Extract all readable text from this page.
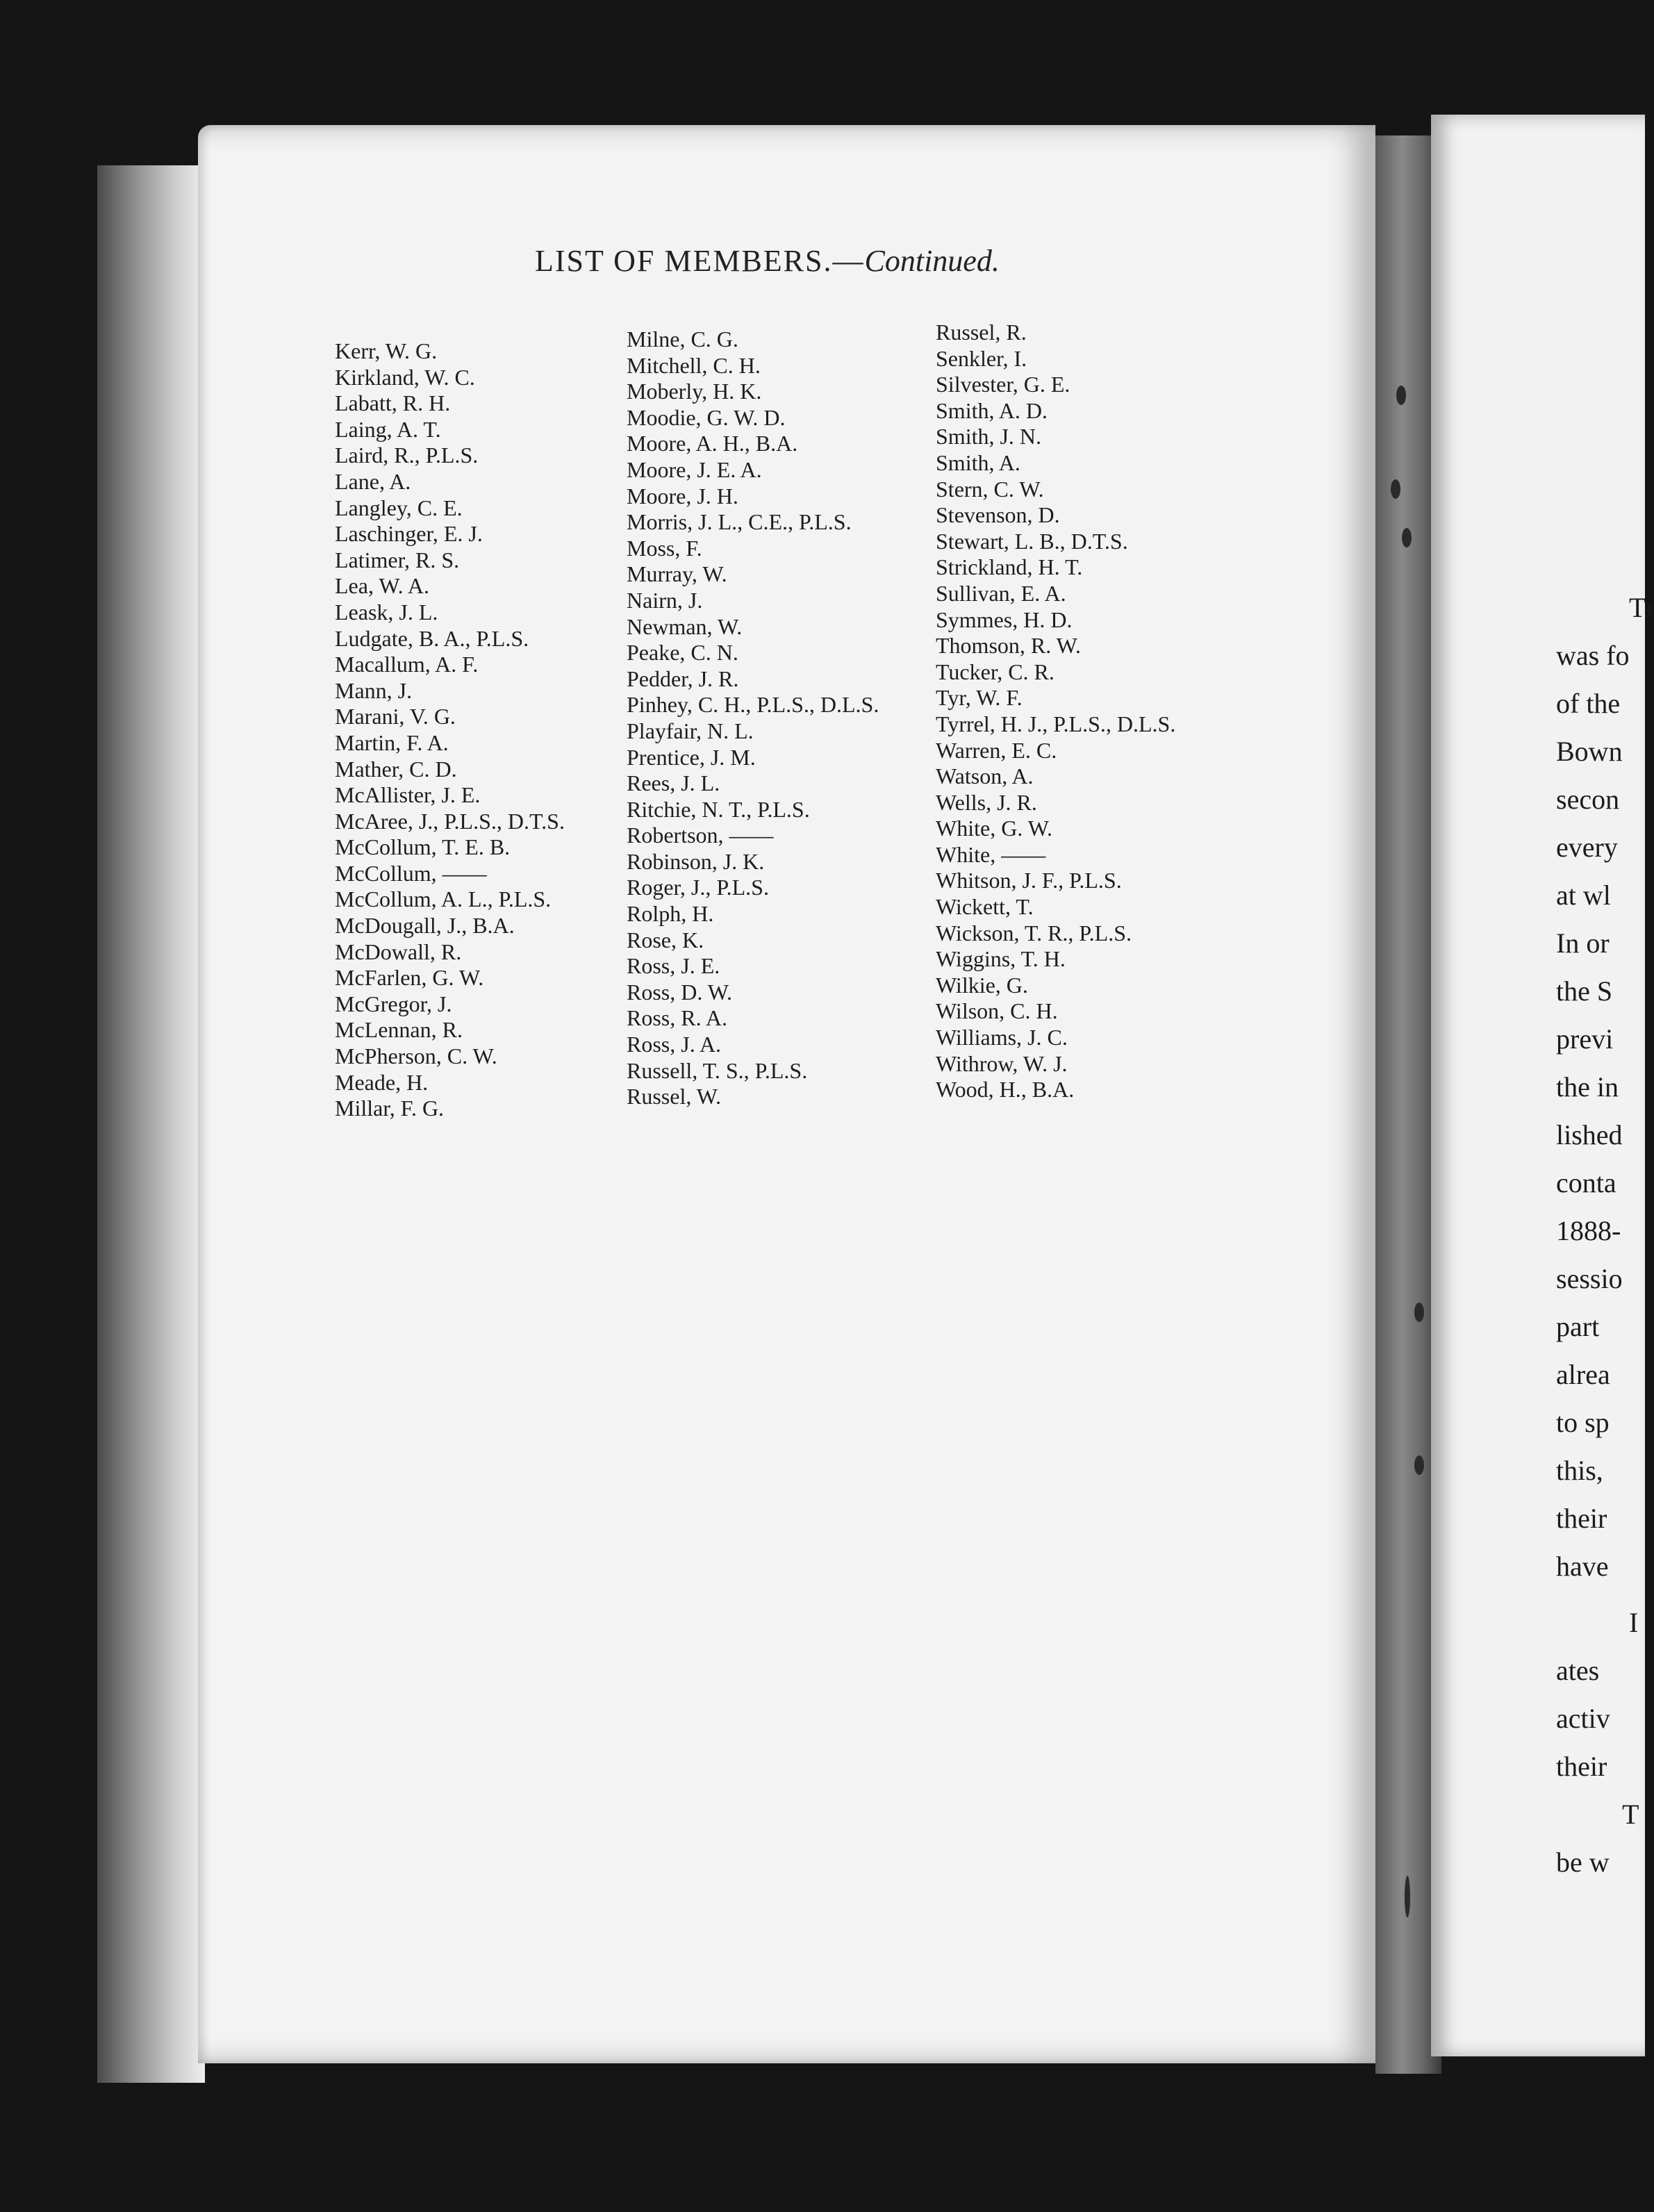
LIST OF MEMBERS.—Continued.
Kerr, W. G.
Kirkland, W. C.
Labatt, R. H.
Laing, A. T.
Laird, R., P.L.S.
Lane, A.
Langley, C. E.
Laschinger, E. J.
Latimer, R. S.
Lea, W. A.
Leask, J. L.
Ludgate, B. A., P.L.S.
Macallum, A. F.
Mann, J.
Marani, V. G.
Martin, F. A.
Mather, C. D.
McAllister, J. E.
McAree, J., P.L.S., D.T.S.
McCollum, T. E. B.
McCollum, ——
McCollum, A. L., P.L.S.
McDougall, J., B.A.
McDowall, R.
McFarlen, G. W.
McGregor, J.
McLennan, R.
McPherson, C. W.
Meade, H.
Millar, F. G.
Milne, C. G.
Mitchell, C. H.
Moberly, H. K.
Moodie, G. W. D.
Moore, A. H., B.A.
Moore, J. E. A.
Moore, J. H.
Morris, J. L., C.E., P.L.S.
Moss, F.
Murray, W.
Nairn, J.
Newman, W.
Peake, C. N.
Pedder, J. R.
Pinhey, C. H., P.L.S., D.L.S.
Playfair, N. L.
Prentice, J. M.
Rees, J. L.
Ritchie, N. T., P.L.S.
Robertson, ——
Robinson, J. K.
Roger, J., P.L.S.
Rolph, H.
Rose, K.
Ross, J. E.
Ross, D. W.
Ross, R. A.
Ross, J. A.
Russell, T. S., P.L.S.
Russel, W.
Russel, R.
Senkler, I.
Silvester, G. E.
Smith, A. D.
Smith, J. N.
Smith, A.
Stern, C. W.
Stevenson, D.
Stewart, L. B., D.T.S.
Strickland, H. T.
Sullivan, E. A.
Symmes, H. D.
Thomson, R. W.
Tucker, C. R.
Tyr, W. F.
Tyrrel, H. J., P.L.S., D.L.S.
Warren, E. C.
Watson, A.
Wells, J. R.
White, G. W.
White, ——
Whitson, J. F., P.L.S.
Wickett, T.
Wickson, T. R., P.L.S.
Wiggins, T. H.
Wilkie, G.
Wilson, C. H.
Williams, J. C.
Withrow, W. J.
Wood, H., B.A.
Tı
was fo
of the
Bown
secon
every
at wl
In or
the S
previ
the in
lished
conta
1888-
sessio
part
alrea
to sp
this,
their
have
I
ates
activ
their
T
be w
